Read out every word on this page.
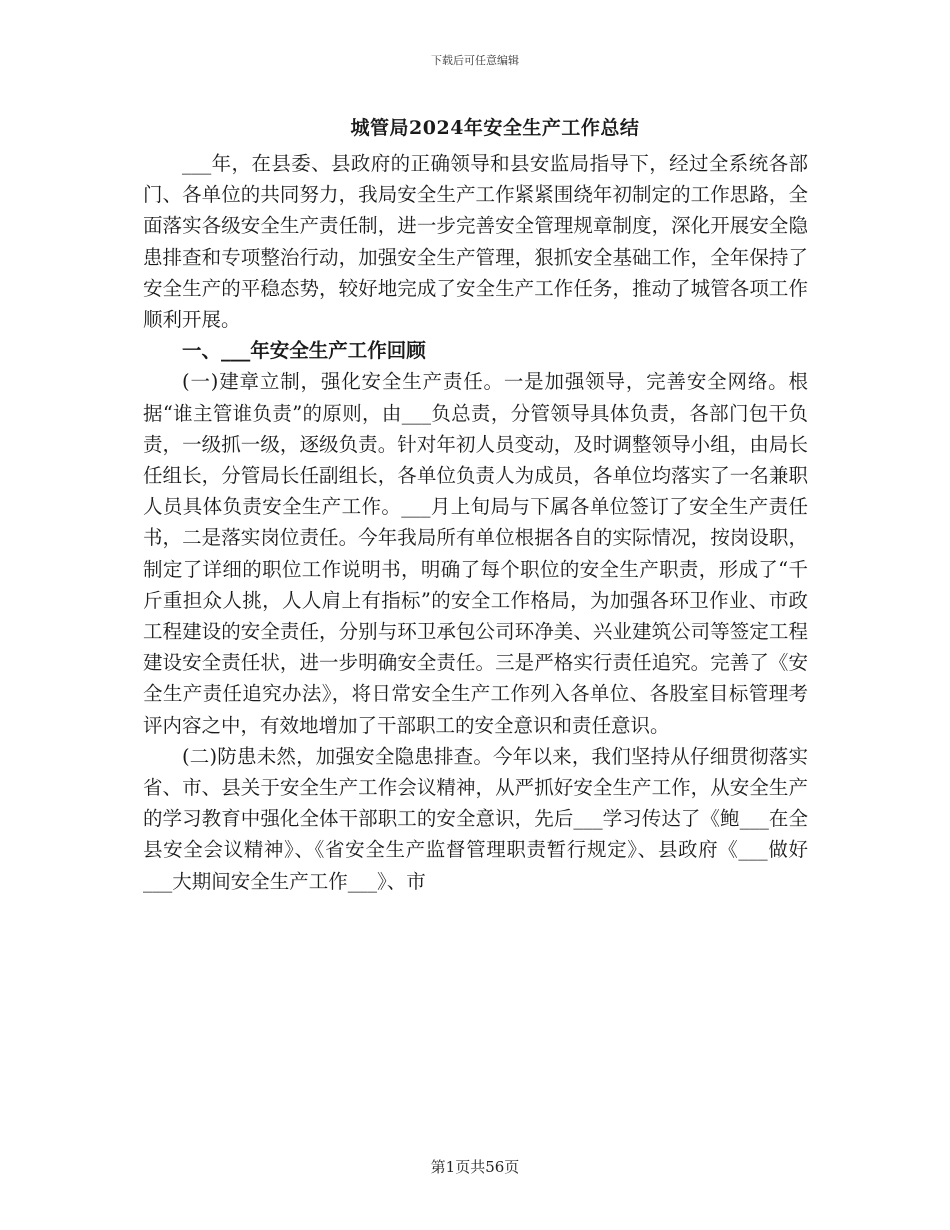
下载后可任意编辑
城管局2024年安全生产工作总结

___年，在县委、县政府的正确领导和县安监局指导下，经过全系统各部门、各单位的共同努力，我局安全生产工作紧紧围绕年初制定的工作思路，全面落实各级安全生产责任制，进一步完善安全管理规章制度，深化开展安全隐患排查和专项整治行动，加强安全生产管理，狠抓安全基础工作，全年保持了安全生产的平稳态势，较好地完成了安全生产工作任务，推动了城管各项工作顺利开展。

一、___年安全生产工作回顾

(一)建章立制，强化安全生产责任。一是加强领导，完善安全网络。根据“谁主管谁负责”的原则，由___负总责，分管领导具体负责，各部门包干负责，一级抓一级，逐级负责。针对年初人员变动，及时调整领导小组，由局长任组长，分管局长任副组长，各单位负责人为成员，各单位均落实了一名兼职人员具体负责安全生产工作。___月上旬局与下属各单位签订了安全生产责任书，二是落实岗位责任。今年我局所有单位根据各自的实际情况，按岗设职，制定了详细的职位工作说明书，明确了每个职位的安全生产职责，形成了“千斤重担众人挑，人人肩上有指标”的安全工作格局，为加强各环卫作业、市政工程建设的安全责任，分别与环卫承包公司环净美、兴业建筑公司等签定工程建设安全责任状，进一步明确安全责任。三是严格实行责任追究。完善了《安全生产责任追究办法》，将日常安全生产工作列入各单位、各股室目标管理考评内容之中，有效地增加了干部职工的安全意识和责任意识。

(二)防患未然，加强安全隐患排查。今年以来，我们坚持从仔细贯彻落实省、市、县关于安全生产工作会议精神，从严抓好安全生产工作，从安全生产的学习教育中强化全体干部职工的安全意识，先后___学习传达了《鲍___在全县安全会议精神》、《省安全生产监督管理职责暂行规定》、县政府《___做好___大期间安全生产工作___》、市

第1页共56页
